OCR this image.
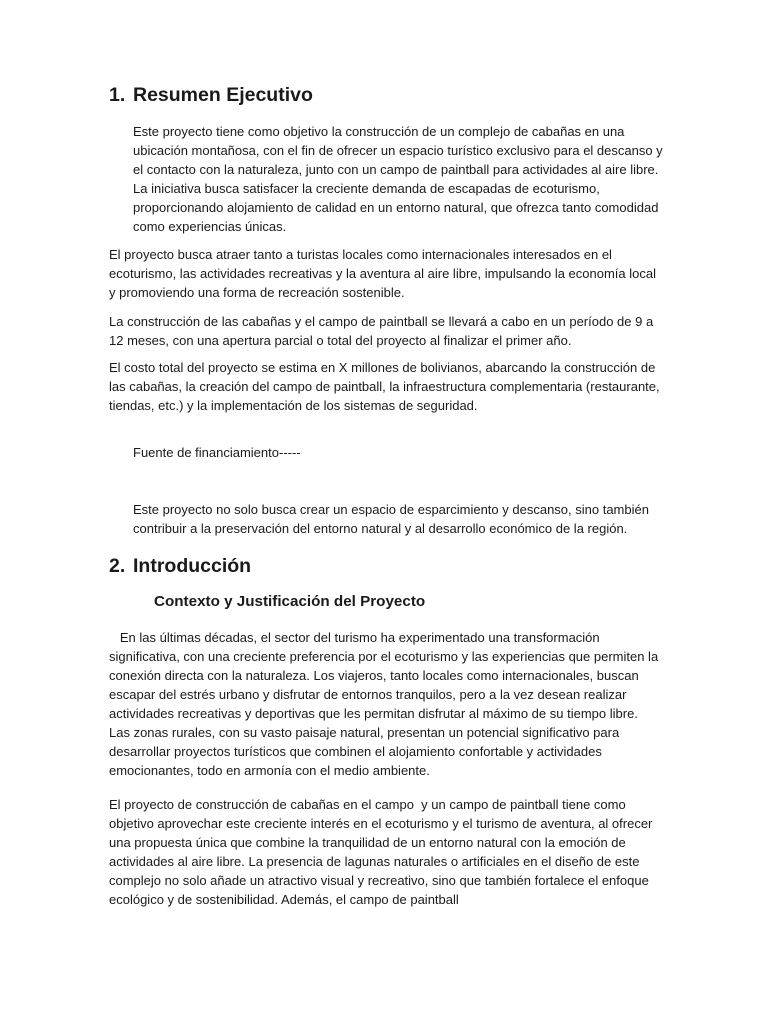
1. Resumen Ejecutivo

Este proyecto tiene como objetivo la construcción de un complejo de cabañas en una ubicación montañosa, con el fin de ofrecer un espacio turístico exclusivo para el descanso y el contacto con la naturaleza, junto con un campo de paintball para actividades al aire libre. La iniciativa busca satisfacer la creciente demanda de escapadas de ecoturismo, proporcionando alojamiento de calidad en un entorno natural, que ofrezca tanto comodidad como experiencias únicas.

El proyecto busca atraer tanto a turistas locales como internacionales interesados en el ecoturismo, las actividades recreativas y la aventura al aire libre, impulsando la economía local y promoviendo una forma de recreación sostenible.

La construcción de las cabañas y el campo de paintball se llevará a cabo en un período de 9 a 12 meses, con una apertura parcial o total del proyecto al finalizar el primer año.

El costo total del proyecto se estima en X millones de bolivianos, abarcando la construcción de las cabañas, la creación del campo de paintball, la infraestructura complementaria (restaurante, tiendas, etc.) y la implementación de los sistemas de seguridad.

Fuente de financiamiento-----

Este proyecto no solo busca crear un espacio de esparcimiento y descanso, sino también contribuir a la preservación del entorno natural y al desarrollo económico de la región.

2. Introducción
Contexto y Justificación del Proyecto

En las últimas décadas, el sector del turismo ha experimentado una transformación significativa, con una creciente preferencia por el ecoturismo y las experiencias que permiten la conexión directa con la naturaleza. Los viajeros, tanto locales como internacionales, buscan escapar del estrés urbano y disfrutar de entornos tranquilos, pero a la vez desean realizar actividades recreativas y deportivas que les permitan disfrutar al máximo de su tiempo libre. Las zonas rurales, con su vasto paisaje natural, presentan un potencial significativo para desarrollar proyectos turísticos que combinen el alojamiento confortable y actividades emocionantes, todo en armonía con el medio ambiente.

El proyecto de construcción de cabañas en el campo  y un campo de paintball tiene como objetivo aprovechar este creciente interés en el ecoturismo y el turismo de aventura, al ofrecer una propuesta única que combine la tranquilidad de un entorno natural con la emoción de actividades al aire libre. La presencia de lagunas naturales o artificiales en el diseño de este complejo no solo añade un atractivo visual y recreativo, sino que también fortalece el enfoque ecológico y de sostenibilidad. Además, el campo de paintball
